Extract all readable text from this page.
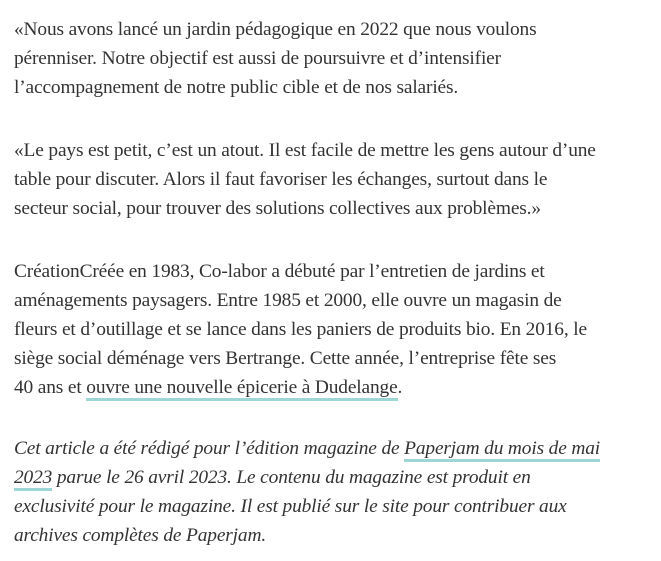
«Nous avons lancé un jardin pédagogique en 2022 que nous voulons
pérenniser. Notre objectif est aussi de poursuivre et d’intensifier
l’accompagnement de notre public cible et de nos salariés.

«Le pays est petit, c’est un atout. Il est facile de mettre les gens autour d’une
table pour discuter. Alors il faut favoriser les échanges, surtout dans le
secteur social, pour trouver des solutions collectives aux problèmes.»

CréationCréée en 1983, Co-labor a débuté par l’entretien de jardins et
aménagements paysagers. Entre 1985 et 2000, elle ouvre un magasin de
fleurs et d’outillage et se lance dans les paniers de produits bio. En 2016, le
siège social déménage vers Bertrange. Cette année, l’entreprise fête ses
40 ans et ouvre une nouvelle épicerie à Dudelange.

Cet article a été rédigé pour l’édition magazine de Paperjam du mois de mai
2023 parue le 26 avril 2023. Le contenu du magazine est produit en
exclusivité pour le magazine. Il est publié sur le site pour contribuer aux
archives complètes de Paperjam.
